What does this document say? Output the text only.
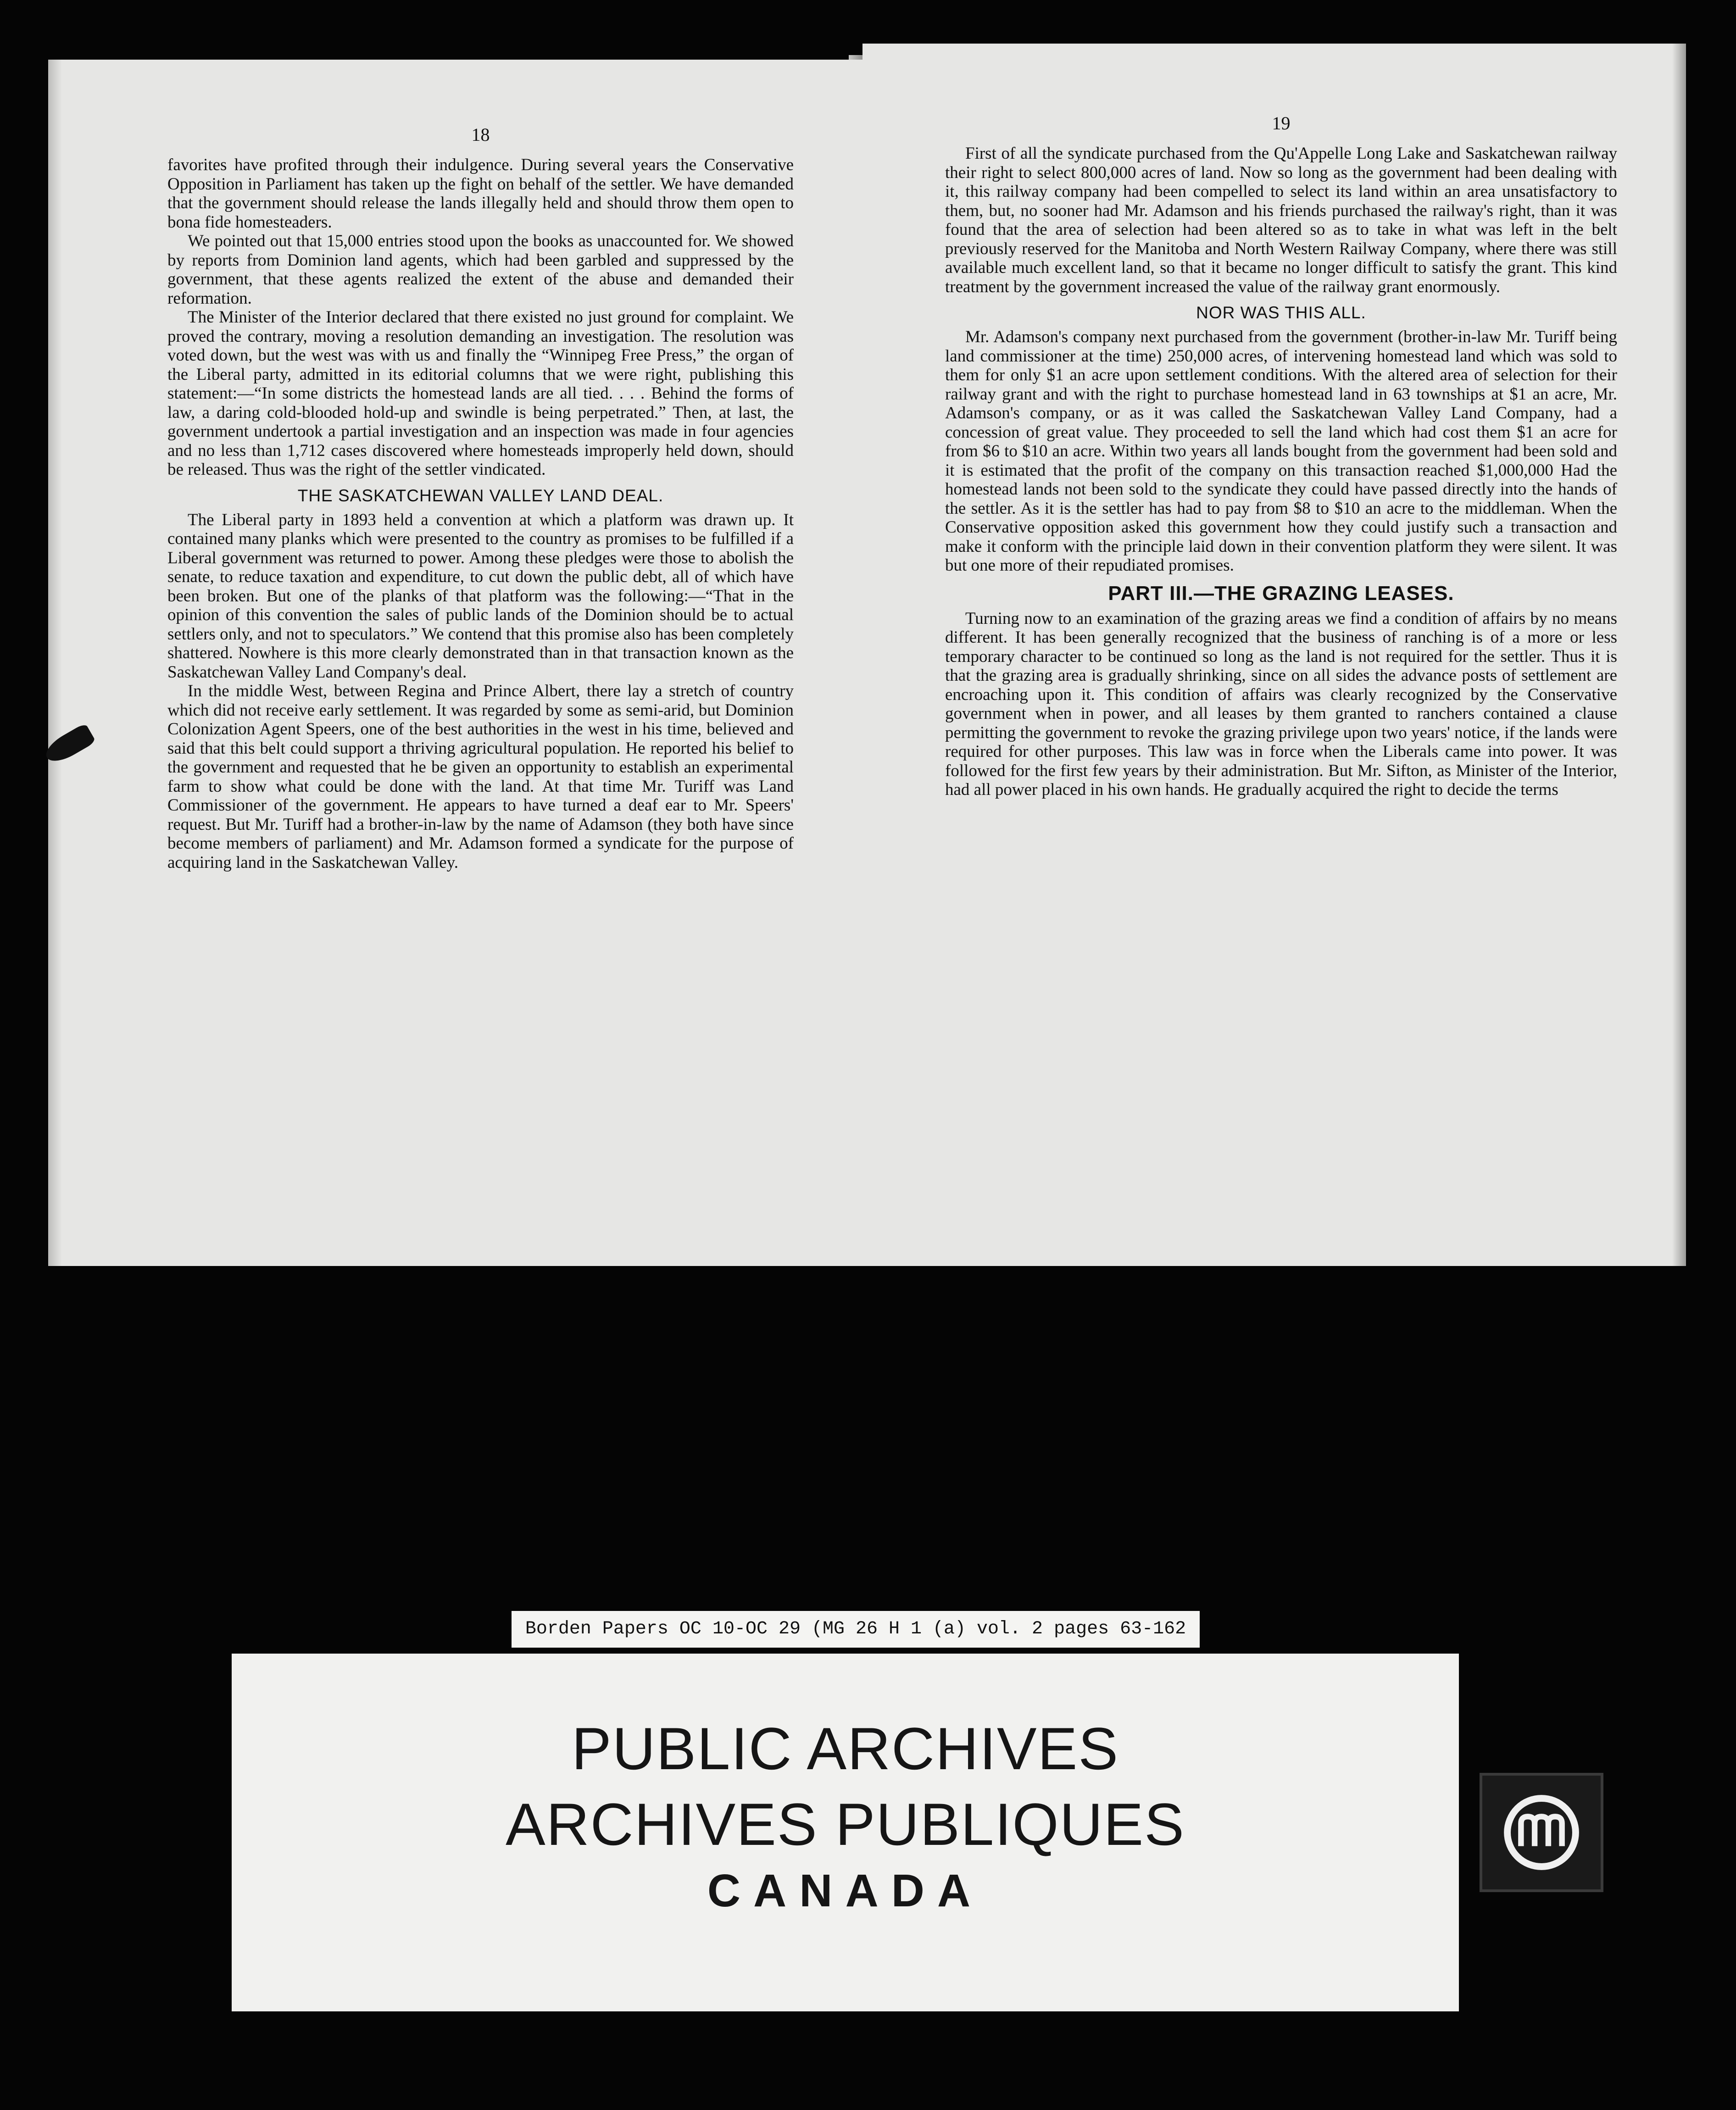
18

favorites have profited through their indulgence. During several years the Conservative Opposition in Parliament has taken up the fight on behalf of the settler. We have demanded that the government should release the lands illegally held and should throw them open to bona fide homesteaders.

We pointed out that 15,000 entries stood upon the books as unaccounted for. We showed by reports from Dominion land agents, which had been garbled and suppressed by the government, that these agents realized the extent of the abuse and demanded their reformation.

The Minister of the Interior declared that there existed no just ground for complaint. We proved the contrary, moving a resolution demanding an investigation. The resolution was voted down, but the west was with us and finally the “Winnipeg Free Press,” the organ of the Liberal party, admitted in its editorial columns that we were right, publishing this statement:—“In some districts the homestead lands are all tied. . . . Behind the forms of law, a daring cold-blooded hold-up and swindle is being perpetrated.” Then, at last, the government undertook a partial investigation and an inspection was made in four agencies and no less than 1,712 cases discovered where homesteads improperly held down, should be released. Thus was the right of the settler vindicated.

THE SASKATCHEWAN VALLEY LAND DEAL.

The Liberal party in 1893 held a convention at which a platform was drawn up. It contained many planks which were presented to the country as promises to be fulfilled if a Liberal government was returned to power. Among these pledges were those to abolish the senate, to reduce taxation and expenditure, to cut down the public debt, all of which have been broken. But one of the planks of that platform was the following:—“That in the opinion of this convention the sales of public lands of the Dominion should be to actual settlers only, and not to speculators.” We contend that this promise also has been completely shattered. Nowhere is this more clearly demonstrated than in that transaction known as the Saskatchewan Valley Land Company's deal.

In the middle West, between Regina and Prince Albert, there lay a stretch of country which did not receive early settlement. It was regarded by some as semi-arid, but Dominion Colonization Agent Speers, one of the best authorities in the west in his time, believed and said that this belt could support a thriving agricultural population. He reported his belief to the government and requested that he be given an opportunity to establish an experimental farm to show what could be done with the land. At that time Mr. Turiff was Land Commissioner of the government. He appears to have turned a deaf ear to Mr. Speers' request. But Mr. Turiff had a brother-in-law by the name of Adamson (they both have since become members of parliament) and Mr. Adamson formed a syndicate for the purpose of acquiring land in the Saskatchewan Valley.

19

First of all the syndicate purchased from the Qu'Appelle Long Lake and Saskatchewan railway their right to select 800,000 acres of land. Now so long as the government had been dealing with it, this railway company had been compelled to select its land within an area unsatisfactory to them, but, no sooner had Mr. Adamson and his friends purchased the railway's right, than it was found that the area of selection had been altered so as to take in what was left in the belt previously reserved for the Manitoba and North Western Railway Company, where there was still available much excellent land, so that it became no longer difficult to satisfy the grant. This kind treatment by the government increased the value of the railway grant enormously.

NOR WAS THIS ALL.

Mr. Adamson's company next purchased from the government (brother-in-law Mr. Turiff being land commissioner at the time) 250,000 acres, of intervening homestead land which was sold to them for only $1 an acre upon settlement conditions. With the altered area of selection for their railway grant and with the right to purchase homestead land in 63 townships at $1 an acre, Mr. Adamson's company, or as it was called the Saskatchewan Valley Land Company, had a concession of great value. They proceeded to sell the land which had cost them $1 an acre for from $6 to $10 an acre. Within two years all lands bought from the government had been sold and it is estimated that the profit of the company on this transaction reached $1,000,000 Had the homestead lands not been sold to the syndicate they could have passed directly into the hands of the settler. As it is the settler has had to pay from $8 to $10 an acre to the middleman. When the Conservative opposition asked this government how they could justify such a transaction and make it conform with the principle laid down in their convention platform they were silent. It was but one more of their repudiated promises.

PART III.—THE GRAZING LEASES.

Turning now to an examination of the grazing areas we find a condition of affairs by no means different. It has been generally recognized that the business of ranching is of a more or less temporary character to be continued so long as the land is not required for the settler. Thus it is that the grazing area is gradually shrinking, since on all sides the advance posts of settlement are encroaching upon it. This condition of affairs was clearly recognized by the Conservative government when in power, and all leases by them granted to ranchers contained a clause permitting the government to revoke the grazing privilege upon two years' notice, if the lands were required for other purposes. This law was in force when the Liberals came into power. It was followed for the first few years by their administration. But Mr. Sifton, as Minister of the Interior, had all power placed in his own hands. He gradually acquired the right to decide the terms

Borden Papers OC 10-OC 29 (MG 26 H 1 (a) vol. 2 pages 63-162
PUBLIC ARCHIVES
ARCHIVES PUBLIQUES
CANADA
